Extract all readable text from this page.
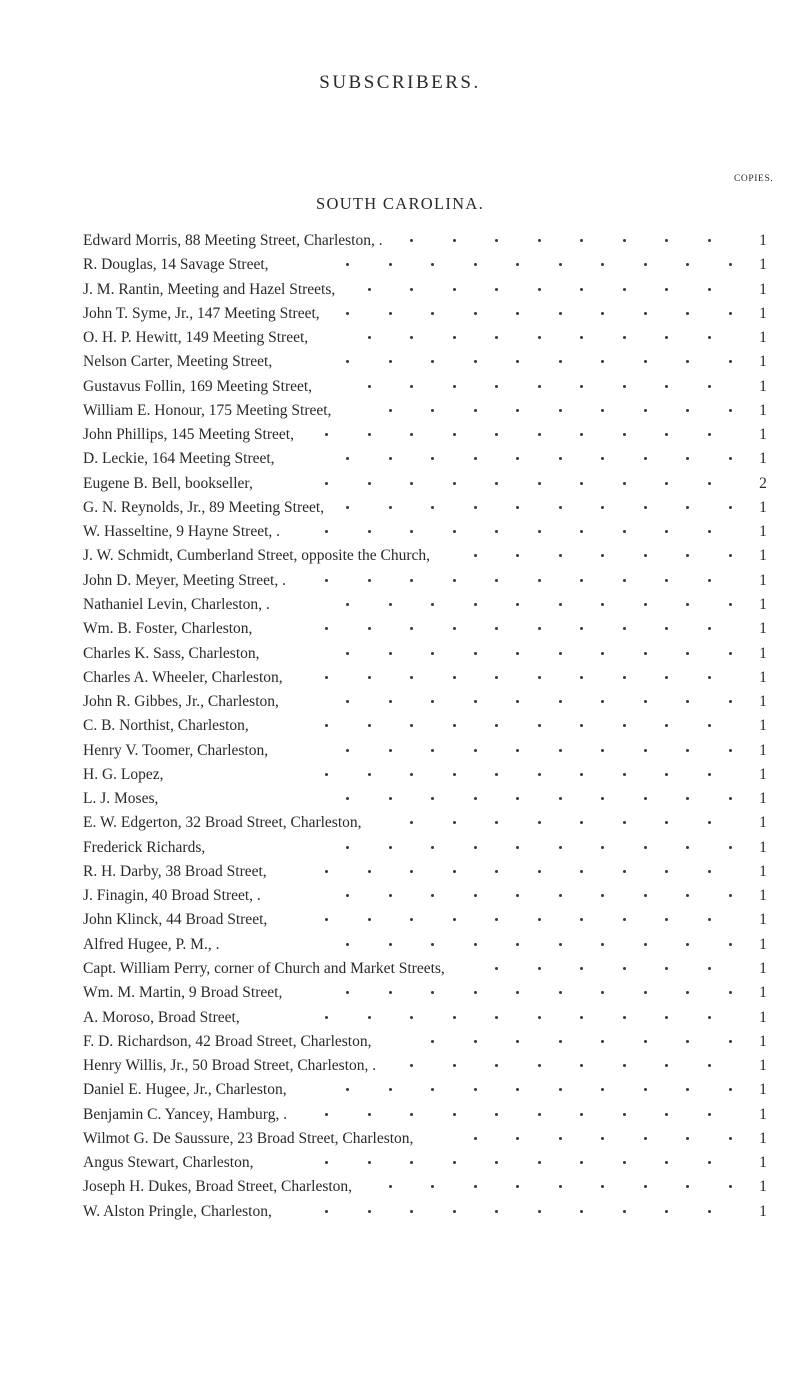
SUBSCRIBERS.
COPIES.
SOUTH CAROLINA.
Edward Morris, 88 Meeting Street, Charleston, .	1
R. Douglas, 14 Savage Street,	1
J. M. Rantin, Meeting and Hazel Streets,	1
John T. Syme, Jr., 147 Meeting Street,	1
O. H. P. Hewitt, 149 Meeting Street,	1
Nelson Carter, Meeting Street,	1
Gustavus Follin, 169 Meeting Street,	1
William E. Honour, 175 Meeting Street,	1
John Phillips, 145 Meeting Street,	1
D. Leckie, 164 Meeting Street,	1
Eugene B. Bell, bookseller,	2
G. N. Reynolds, Jr., 89 Meeting Street,	1
W. Hasseltine, 9 Hayne Street, .	1
J. W. Schmidt, Cumberland Street, opposite the Church,	1
John D. Meyer, Meeting Street, .	1
Nathaniel Levin, Charleston, .	1
Wm. B. Foster, Charleston,	1
Charles K. Sass, Charleston,	1
Charles A. Wheeler, Charleston,	1
John R. Gibbes, Jr., Charleston,	1
C. B. Northist, Charleston,	1
Henry V. Toomer, Charleston,	1
H. G. Lopez,	1
L. J. Moses,	1
E. W. Edgerton, 32 Broad Street, Charleston,	1
Frederick Richards,	1
R. H. Darby, 38 Broad Street,	1
J. Finagin, 40 Broad Street, .	1
John Klinck, 44 Broad Street,	1
Alfred Hugee, P. M., .	1
Capt. William Perry, corner of Church and Market Streets,	1
Wm. M. Martin, 9 Broad Street,	1
A. Moroso, Broad Street,	1
F. D. Richardson, 42 Broad Street, Charleston,	1
Henry Willis, Jr., 50 Broad Street, Charleston, .	1
Daniel E. Hugee, Jr., Charleston,	1
Benjamin C. Yancey, Hamburg, .	1
Wilmot G. De Saussure, 23 Broad Street, Charleston,	1
Angus Stewart, Charleston,	1
Joseph H. Dukes, Broad Street, Charleston,	1
W. Alston Pringle, Charleston,	1
